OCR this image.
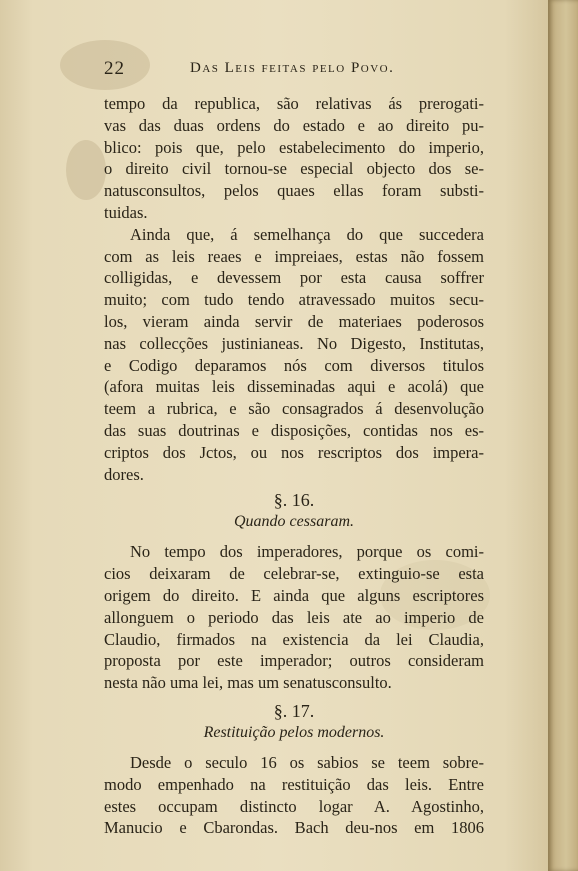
22	Das Leis feitas pelo Povo.
tempo da republica, são relativas ás prerogati-
vas das duas ordens do estado e ao direito pu-
blico: pois que, pelo estabelecimento do imperio,
o direito civil tornou-se especial objecto dos se-
natusconsultos, pelos quaes ellas foram substi-
tuidas.
Ainda que, á semelhança do que succedera
com as leis reaes e impreiaes, estas não fossem
colligidas, e devessem por esta causa soffrer
muito; com tudo tendo atravessado muitos secu-
los, vieram ainda servir de materiaes poderosos
nas collecções justinianeas. No Digesto, Institutas,
e Codigo deparamos nós com diversos titulos
(afora muitas leis disseminadas aqui e acolá) que
teem a rubrica, e são consagrados á desenvolução
das suas doutrinas e disposições, contidas nos es-
criptos dos Jctos, ou nos rescriptos dos impera-
dores.
§. 16.
Quando cessaram.
No tempo dos imperadores, porque os comi-
cios deixaram de celebrar-se, extinguio-se esta
origem do direito. E ainda que alguns escriptores
allonguem o periodo das leis ate ao imperio de
Claudio, firmados na existencia da lei Claudia,
proposta por este imperador; outros consideram
nesta não uma lei, mas um senatusconsulto.
§. 17.
Restituição pelos modernos.
Desde o seculo 16 os sabios se teem sobre-
modo empenhado na restituição das leis. Entre
estes occupam distincto logar A. Agostinho,
Manucio e Cbarondas. Bach deu-nos em 1806
